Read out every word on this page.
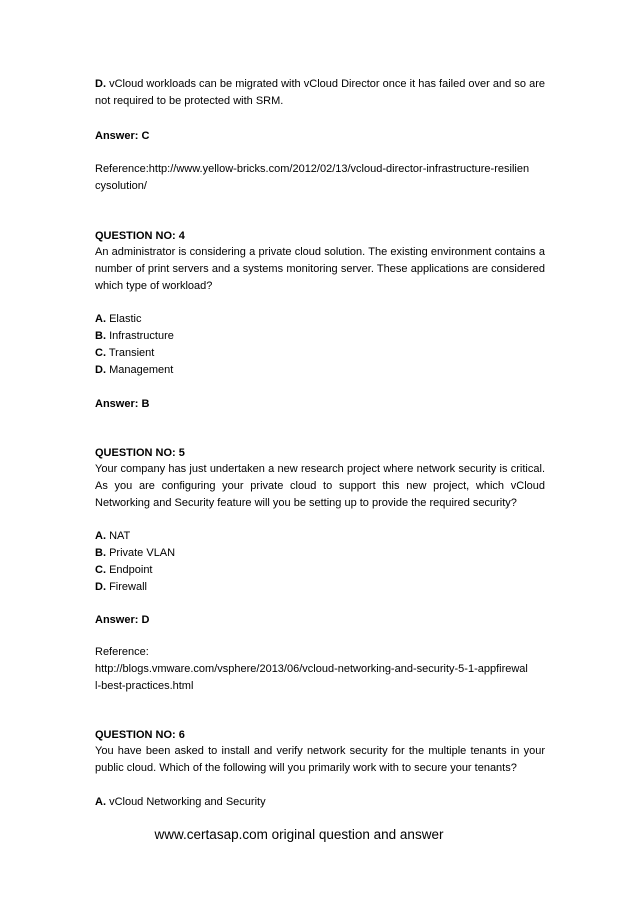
D. vCloud workloads can be migrated with vCloud Director once it has failed over and so are not required to be protected with SRM.
Answer: C
Reference:http://www.yellow-bricks.com/2012/02/13/vcloud-director-infrastructure-resilien
cysolution/
QUESTION NO: 4
An administrator is considering a private cloud solution. The existing environment contains a number of print servers and a systems monitoring server. These applications are considered which type of workload?
A. Elastic
B. Infrastructure
C. Transient
D. Management
Answer: B
QUESTION NO: 5
Your company has just undertaken a new research project where network security is critical. As you are configuring your private cloud to support this new project, which vCloud Networking and Security feature will you be setting up to provide the required security?
A. NAT
B. Private VLAN
C. Endpoint
D. Firewall
Answer: D
Reference:
http://blogs.vmware.com/vsphere/2013/06/vcloud-networking-and-security-5-1-appfirewal
l-best-practices.html
QUESTION NO: 6
You have been asked to install and verify network security for the multiple tenants in your public cloud. Which of the following will you primarily work with to secure your tenants?
A. vCloud Networking and Security
www.certasap.com original question and answer
